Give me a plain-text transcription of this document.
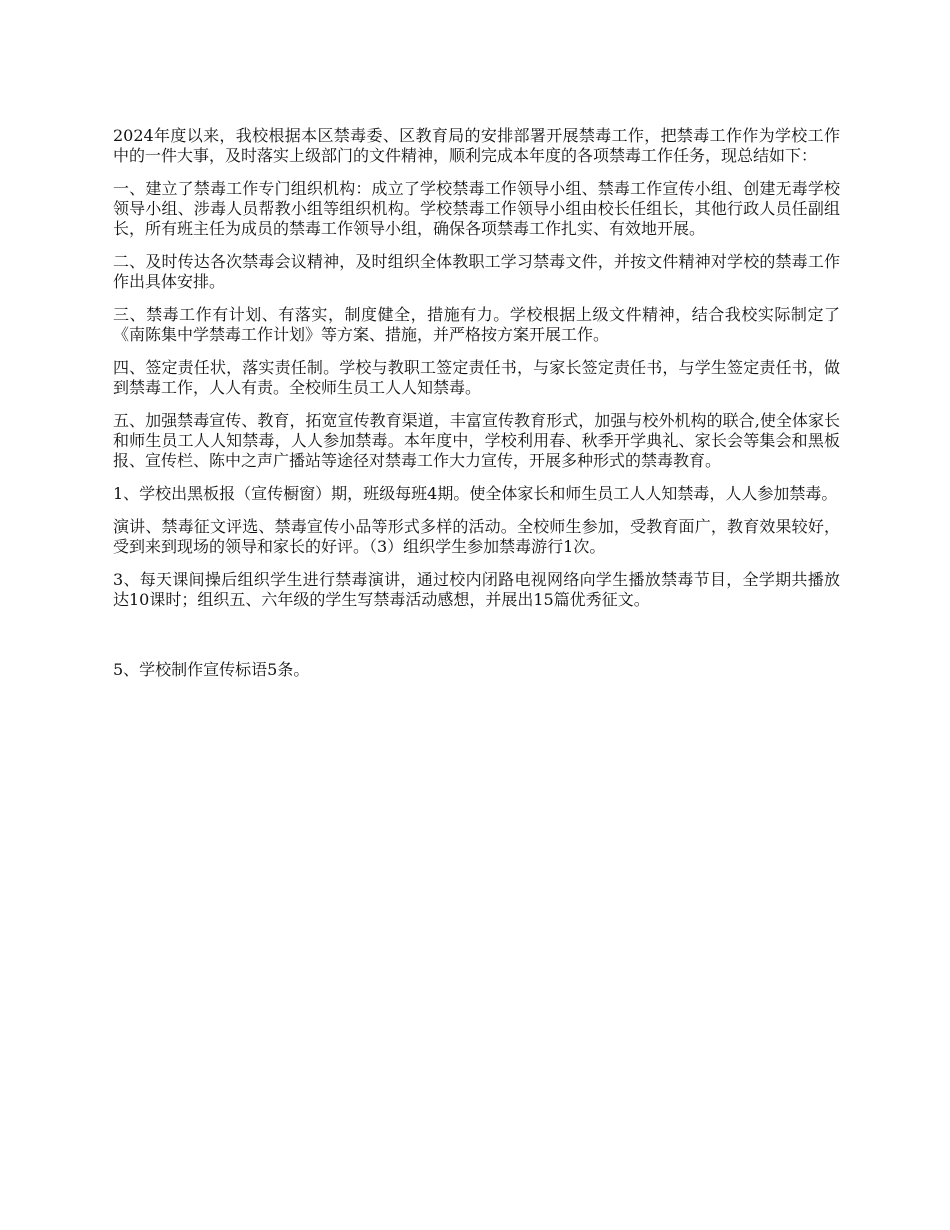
2024年度以来，我校根据本区禁毒委、区教育局的安排部署开展禁毒工作，把禁毒工作作为学校工作中的一件大事，及时落实上级部门的文件精神，顺利完成本年度的各项禁毒工作任务，现总结如下：

一、建立了禁毒工作专门组织机构：成立了学校禁毒工作领导小组、禁毒工作宣传小组、创建无毒学校领导小组、涉毒人员帮教小组等组织机构。学校禁毒工作领导小组由校长任组长，其他行政人员任副组长，所有班主任为成员的禁毒工作领导小组，确保各项禁毒工作扎实、有效地开展。

二、及时传达各次禁毒会议精神，及时组织全体教职工学习禁毒文件，并按文件精神对学校的禁毒工作作出具体安排。

三、禁毒工作有计划、有落实，制度健全，措施有力。学校根据上级文件精神，结合我校实际制定了《南陈集中学禁毒工作计划》等方案、措施，并严格按方案开展工作。

四、签定责任状，落实责任制。学校与教职工签定责任书，与家长签定责任书，与学生签定责任书，做到禁毒工作，人人有责。全校师生员工人人知禁毒。

五、加强禁毒宣传、教育，拓宽宣传教育渠道，丰富宣传教育形式，加强与校外机构的联合,使全体家长和师生员工人人知禁毒，人人参加禁毒。本年度中，学校利用春、秋季开学典礼、家长会等集会和黑板报、宣传栏、陈中之声广播站等途径对禁毒工作大力宣传，开展多种形式的禁毒教育。

1、学校出黑板报（宣传橱窗）期，班级每班4期。使全体家长和师生员工人人知禁毒，人人参加禁毒。

演讲、禁毒征文评选、禁毒宣传小品等形式多样的活动。全校师生参加，受教育面广，教育效果较好，受到来到现场的领导和家长的好评。（3）组织学生参加禁毒游行1次。

3、每天课间操后组织学生进行禁毒演讲，通过校内闭路电视网络向学生播放禁毒节目，全学期共播放达10课时；组织五、六年级的学生写禁毒活动感想，并展出15篇优秀征文。

5、学校制作宣传标语5条。
